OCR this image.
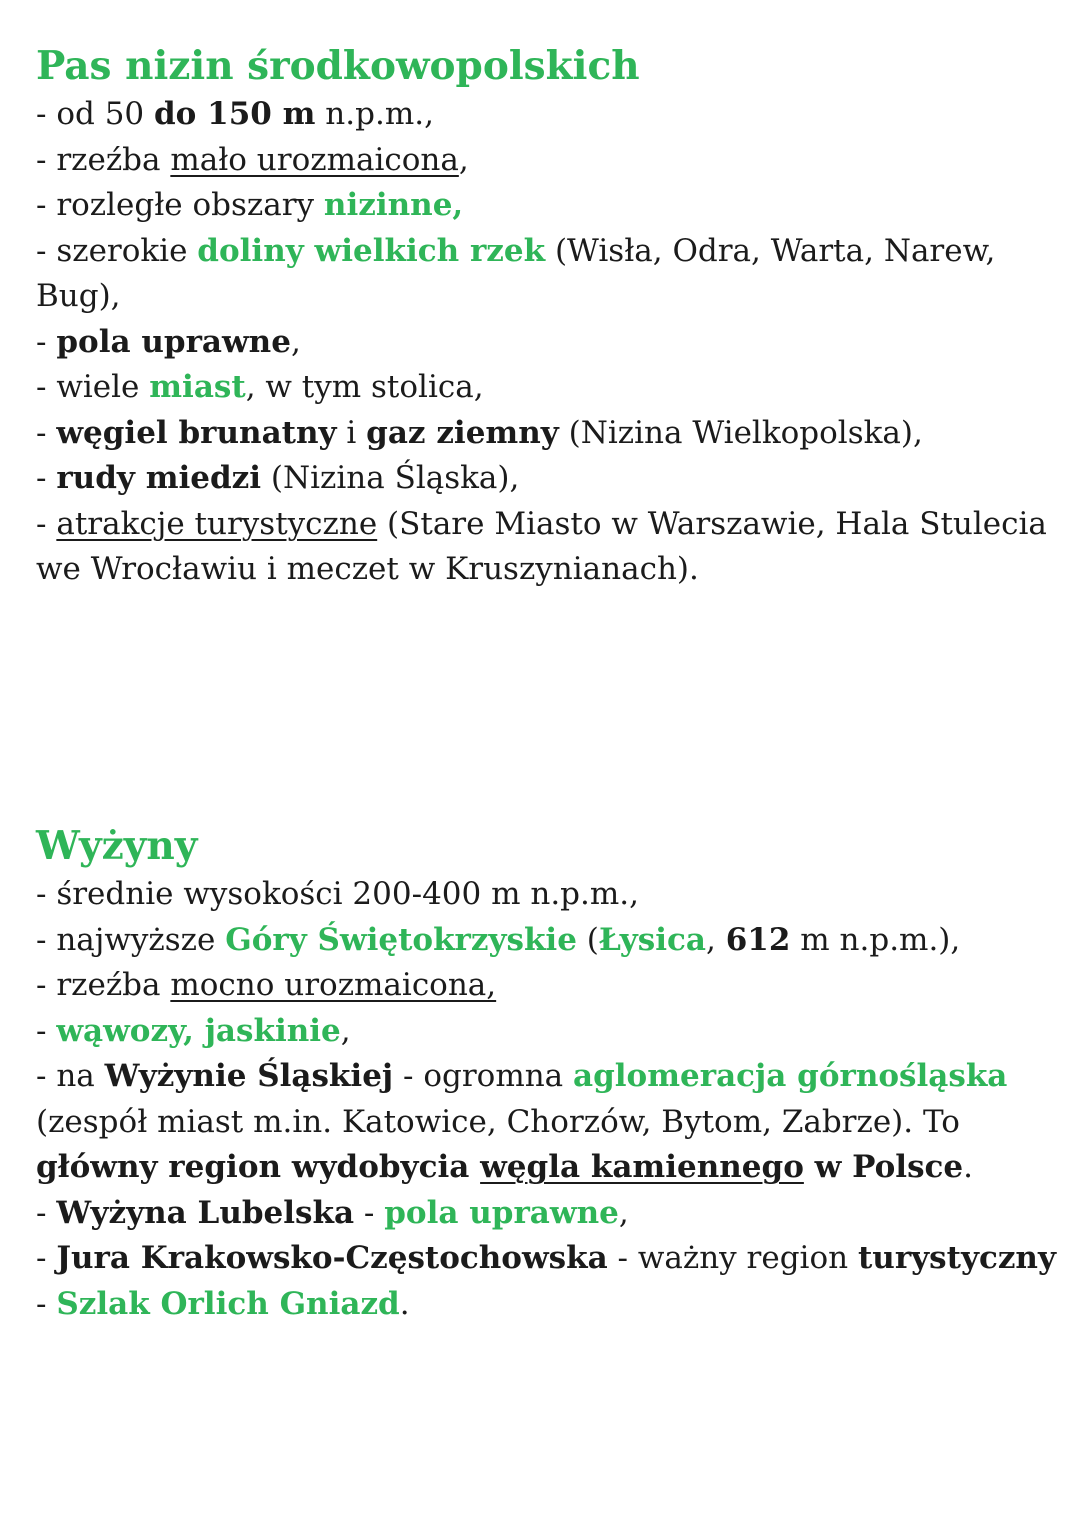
Pas nizin środkowopolskich
- od 50 do 150 m n.p.m.,
- rzeźba mało urozmaicona,
- rozległe obszary nizinne,
- szerokie doliny wielkich rzek (Wisła, Odra, Warta, Narew, Bug),
- pola uprawne,
- wiele miast, w tym stolica,
- węgiel brunatny i gaz ziemny (Nizina Wielkopolska),
- rudy miedzi (Nizina Śląska),
- atrakcje turystyczne (Stare Miasto w Warszawie, Hala Stulecia we Wrocławiu i meczet w Kruszynianach).
Wyżyny
- średnie wysokości 200-400 m n.p.m.,
- najwyższe Góry Świętokrzyskie (Łysica, 612 m n.p.m.),
- rzeźba mocno urozmaicona,
- wąwozy, jaskinie,
- na Wyżynie Śląskiej - ogromna aglomeracja górnośląska (zespół miast m.in. Katowice, Chorzów, Bytom, Zabrze). To główny region wydobycia węgla kamiennego w Polsce.
- Wyżyna Lubelska - pola uprawne,
- Jura Krakowsko-Częstochowska - ważny region turystyczny - Szlak Orlich Gniazd.
